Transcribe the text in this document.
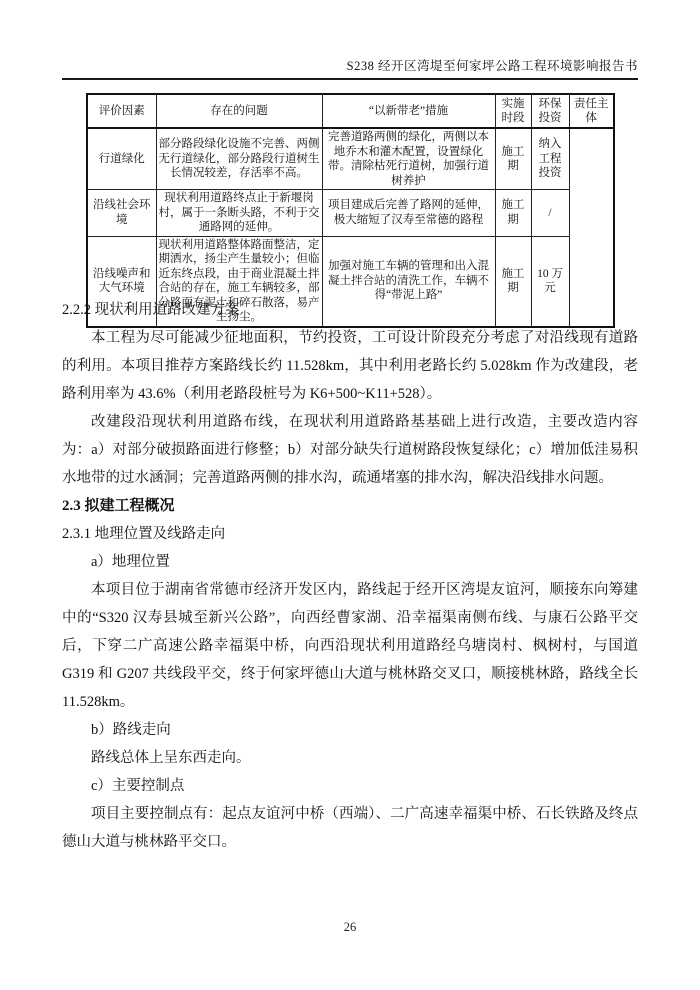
S238 经开区湾堤至何家坪公路工程环境影响报告书
评价因素	存在的问题	“以新带老”措施	实施时段	环保投资	责任主体
行道绿化	部分路段绿化设施不完善、两侧无行道绿化，部分路段行道树生长情况较差，存活率不高。	完善道路两侧的绿化，两侧以本地乔木和灌木配置，设置绿化带。清除枯死行道树，加强行道树养护	施工期	纳入工程投资	
沿线社会环境	现状利用道路终点止于新堰岗村，属于一条断头路，不利于交通路网的延伸。	项目建成后完善了路网的延伸，极大缩短了汉寿至常德的路程	施工期	/	
沿线噪声和大气环境	现状利用道路整体路面整洁，定期洒水，扬尘产生量较小；但临近东终点段，由于商业混凝土拌合站的存在，施工车辆较多，部分路面有泥土和碎石散落，易产生扬尘。	加强对施工车辆的管理和出入混凝土拌合站的清洗工作，车辆不得“带泥上路”	施工期	10 万元	

2.2.2 现状利用道路改建方案

本工程为尽可能减少征地面积，节约投资，工可设计阶段充分考虑了对沿线现有道路的利用。本项目推荐方案路线长约 11.528km，其中利用老路长约 5.028km 作为改建段，老路利用率为 43.6%（利用老路段桩号为 K6+500~K11+528）。

改建段沿现状利用道路布线，在现状利用道路路基基础上进行改造，主要改造内容为：a）对部分破损路面进行修整；b）对部分缺失行道树路段恢复绿化；c）增加低洼易积水地带的过水涵洞；完善道路两侧的排水沟，疏通堵塞的排水沟，解决沿线排水问题。

2.3 拟建工程概况

2.3.1 地理位置及线路走向

a）地理位置

本项目位于湖南省常德市经济开发区内，路线起于经开区湾堤友谊河，顺接东向筹建中的“S320 汉寿县城至新兴公路”，向西经曹家湖、沿幸福渠南侧布线、与康石公路平交后，下穿二广高速公路幸福渠中桥，向西沿现状利用道路经乌塘岗村、枫树村，与国道 G319 和 G207 共线段平交，终于何家坪德山大道与桃林路交叉口，顺接桃林路，路线全长 11.528km。

b）路线走向

路线总体上呈东西走向。

c）主要控制点

项目主要控制点有：起点友谊河中桥（西端）、二广高速幸福渠中桥、石长铁路及终点德山大道与桃林路平交口。

26
